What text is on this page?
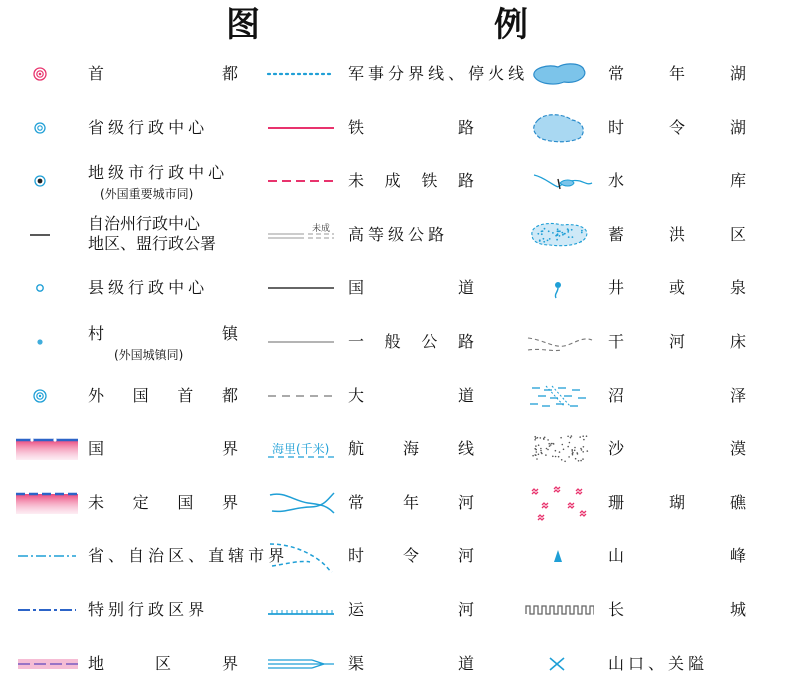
图	例
首	都
省 级 行 政 中 心
地 级 市 行 政 中 心
(外国重要城市同)
自治州行政中心
地区、盟行政公署
县 级 行 政 中 心
村	镇
(外国城镇同)
外 国 首 都
国	界
未 定 国 界
省 、 自 治 区 、 直 辖 市 界
特 别 行 政 区 界
地	区	界
军 事 分 界 线 、 停 火 线
铁	路
未 成 铁 路
未成 高 等 级 公 路
国	道
一 般 公 路
大	道
海里(千米) 航 海 线
常 年 河
时 令 河
运	河
渠	道
常	年	湖
时	令	湖
水	库
蓄	洪	区
井	或	泉
干	河	床
沼	泽
沙	漠
珊	瑚	礁
山	峰
长	城
山 口 、 关 隘
